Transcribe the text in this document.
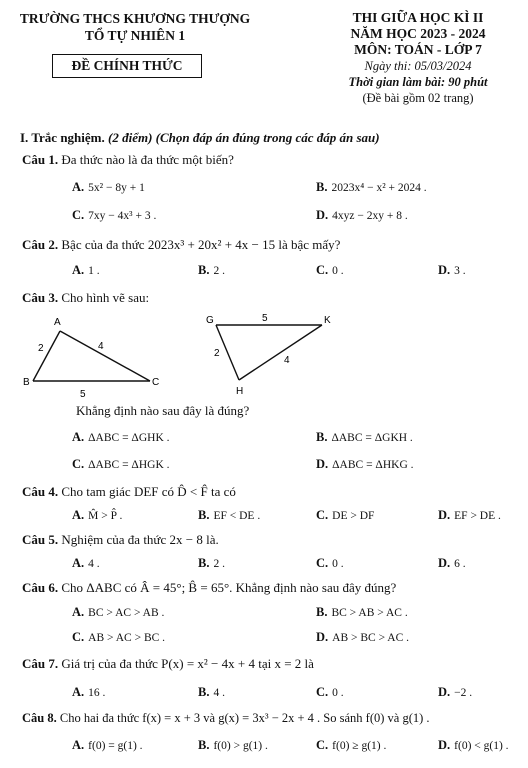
TRƯỜNG THCS KHƯƠNG THƯỢNG
TỔ TỰ NHIÊN 1
ĐỀ CHÍNH THỨC
THI GIỮA HỌC KÌ II
NĂM HỌC 2023 - 2024
MÔN: TOÁN - LỚP 7
Ngày thi: 05/03/2024
Thời gian làm bài: 90 phút
(Đề bài gồm 02 trang)
I. Trắc nghiệm. (2 điểm) (Chọn đáp án đúng trong các đáp án sau)
Câu 1. Đa thức nào là đa thức một biến?
A. 5x² − 8y + 1	B. 2023x⁴ − x² + 2024 .
C. 7xy − 4x³ + 3 .	D. 4xyz − 2xy + 8 .
Câu 2. Bậc của đa thức 2023x³ + 20x² + 4x − 15 là bậc mấy?
A. 1 .	B. 2 .	C. 0 .	D. 3 .
Câu 3. Cho hình vẽ sau:
A
B	C
2	4
5
G	K
H
5
2
4
Khẳng định nào sau đây là đúng?
A. ΔABC = ΔGHK .	B. ΔABC = ΔGKH .
C. ΔABC = ΔHGK .	D. ΔABC = ΔHKG .
Câu 4. Cho tam giác DEF có D̂ < F̂ ta có
A. M̂ > P̂ .	B. EF < DE .	C. DE > DF	D. EF > DE .
Câu 5. Nghiệm của đa thức 2x − 8 là.
A. 4 .	B. 2 .	C. 0 .	D. 6 .
Câu 6. Cho ΔABC có Â = 45°; B̂ = 65°. Khẳng định nào sau đây đúng?
A. BC > AC > AB .	B. BC > AB > AC .
C. AB > AC > BC .	D. AB > BC > AC .
Câu 7. Giá trị của đa thức P(x) = x² − 4x + 4 tại x = 2 là
A. 16 .	B. 4 .	C. 0 .	D. −2 .
Câu 8. Cho hai đa thức f(x) = x + 3 và g(x) = 3x³ − 2x + 4 . So sánh f(0) và g(1) .
A. f(0) = g(1) .	B. f(0) > g(1) .	C. f(0) ≥ g(1) .	D. f(0) < g(1) .
